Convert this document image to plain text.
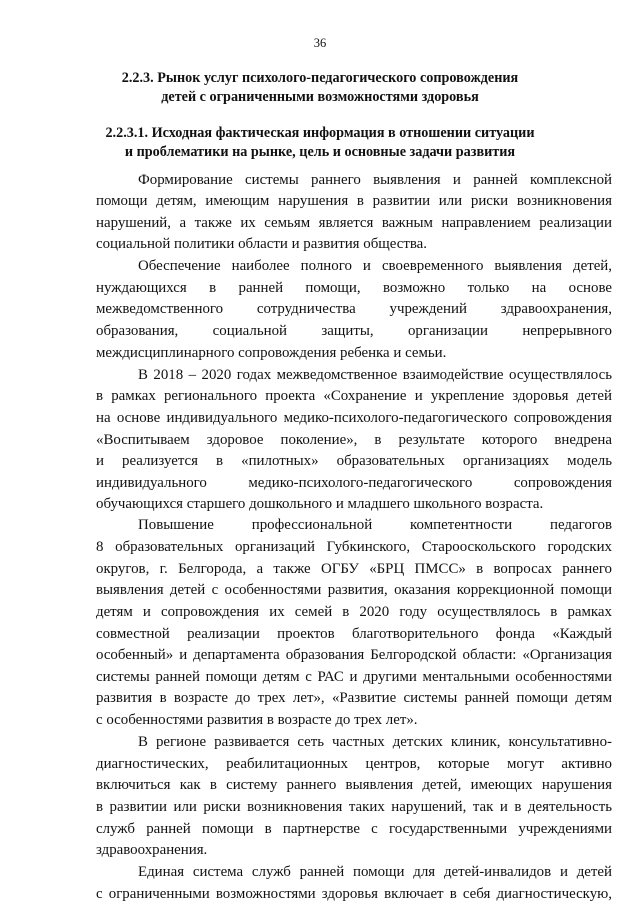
36
2.2.3. Рынок услуг психолого-педагогического сопровождения
детей с ограниченными возможностями здоровья
2.2.3.1. Исходная фактическая информация в отношении ситуации
и проблематики на рынке, цель и основные задачи развития
Формирование системы раннего выявления и ранней комплексной
помощи детям, имеющим нарушения в развитии или риски возникновения
нарушений, а также их семьям является важным направлением реализации
социальной политики области и развития общества.
Обеспечение наиболее полного и своевременного выявления детей,
нуждающихся в ранней помощи, возможно только на основе
межведомственного сотрудничества учреждений здравоохранения,
образования, социальной защиты, организации непрерывного
междисциплинарного сопровождения ребенка и семьи.
В 2018 – 2020 годах межведомственное взаимодействие осуществлялось
в рамках регионального проекта «Сохранение и укрепление здоровья детей
на основе индивидуального медико-психолого-педагогического сопровождения
«Воспитываем здоровое поколение», в результате которого внедрена
и реализуется в «пилотных» образовательных организациях модель
индивидуального медико-психолого-педагогического сопровождения
обучающихся старшего дошкольного и младшего школьного возраста.
Повышение профессиональной компетентности педагогов
8 образовательных организаций Губкинского, Старооскольского городских
округов, г. Белгорода, а также ОГБУ «БРЦ ПМСС» в вопросах раннего
выявления детей с особенностями развития, оказания коррекционной помощи
детям и сопровождения их семей в 2020 году осуществлялось в рамках
совместной реализации проектов благотворительного фонда «Каждый
особенный» и департамента образования Белгородской области: «Организация
системы ранней помощи детям с РАС и другими ментальными особенностями
развития в возрасте до трех лет», «Развитие системы ранней помощи детям
с особенностями развития в возрасте до трех лет».
В регионе развивается сеть частных детских клиник, консультативно-
диагностических, реабилитационных центров, которые могут активно
включиться как в систему раннего выявления детей, имеющих нарушения
в развитии или риски возникновения таких нарушений, так и в деятельность
служб ранней помощи в партнерстве с государственными учреждениями
здравоохранения.
Единая система служб ранней помощи для детей-инвалидов и детей
с ограниченными возможностями здоровья включает в себя диагностическую,
